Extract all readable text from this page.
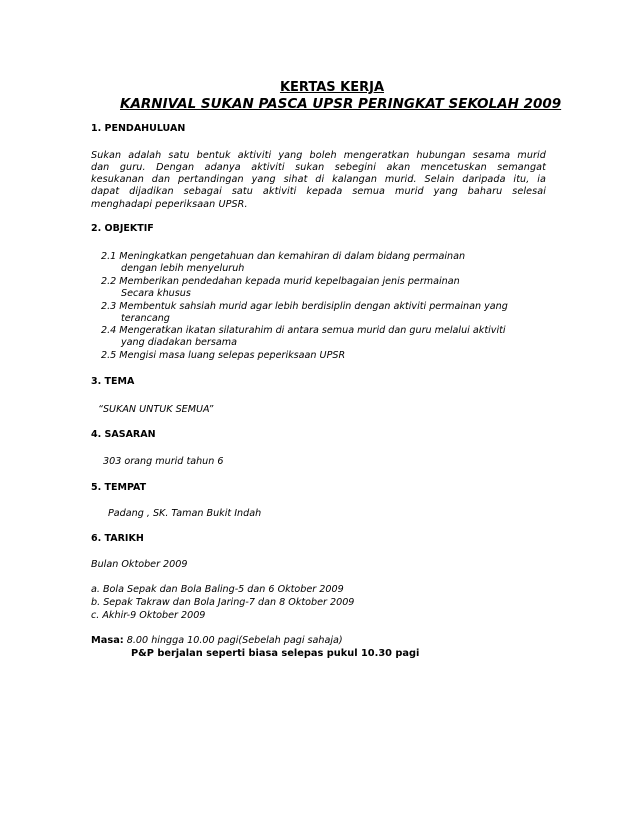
KERTAS KERJA
KARNIVAL SUKAN PASCA UPSR PERINGKAT SEKOLAH 2009
1. PENDAHULUAN
Sukan adalah satu bentuk aktiviti yang boleh mengeratkan hubungan sesama murid
dan guru. Dengan adanya aktiviti sukan sebegini akan mencetuskan semangat
kesukanan dan pertandingan yang sihat di kalangan murid. Selain daripada itu, ia
dapat dijadikan sebagai satu aktiviti kepada semua murid yang baharu selesai
menghadapi peperiksaan UPSR.
2. OBJEKTIF
2.1 Meningkatkan pengetahuan dan kemahiran di dalam bidang permainan
dengan lebih menyeluruh
2.2 Memberikan pendedahan kepada murid kepelbagaian jenis permainan
Secara khusus
2.3 Membentuk sahsiah murid agar lebih berdisiplin dengan aktiviti permainan yang
terancang
2.4 Mengeratkan ikatan silaturahim di antara semua murid dan guru melalui aktiviti
yang diadakan bersama
2.5 Mengisi masa luang selepas peperiksaan UPSR
3. TEMA
“SUKAN UNTUK SEMUA”
4. SASARAN
303 orang murid tahun 6
5. TEMPAT
Padang , SK. Taman Bukit Indah
6. TARIKH
Bulan Oktober 2009
a. Bola Sepak dan Bola Baling-5 dan 6 Oktober 2009
b. Sepak Takraw dan Bola Jaring-7 dan 8 Oktober 2009
c. Akhir-9 Oktober 2009
Masa: 8.00 hingga 10.00 pagi(Sebelah pagi sahaja)
P&P berjalan seperti biasa selepas pukul 10.30 pagi
